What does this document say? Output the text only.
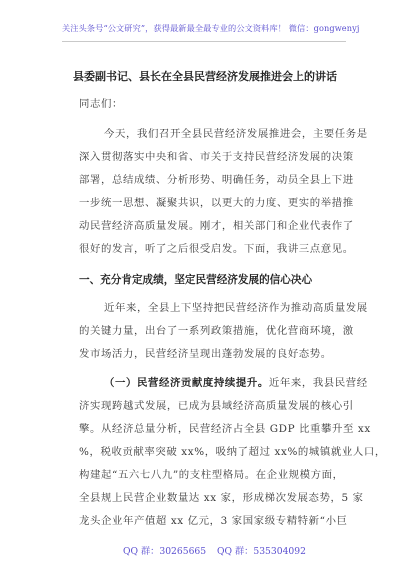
关注头条号“公文研究”，获得最新最全最专业的公文资料库！ 微信：gongwenyj
县委副书记、县长在全县民营经济发展推进会上的讲话
同志们：
今天，我们召开全县民营经济发展推进会，主要任务是
深入贯彻落实中央和省、市关于支持民营经济发展的决策
部署，总结成绩、分析形势、明确任务，动员全县上下进
一步统一思想、凝聚共识，以更大的力度、更实的举措推
动民营经济高质量发展。刚才，相关部门和企业代表作了
很好的发言，听了之后很受启发。下面，我讲三点意见。
一、充分肯定成绩，坚定民营经济发展的信心决心
近年来，全县上下坚持把民营经济作为推动高质量发展
的关键力量，出台了一系列政策措施，优化营商环境，激
发市场活力，民营经济呈现出蓬勃发展的良好态势。
（一）民营经济贡献度持续提升。近年来，我县民营经
济实现跨越式发展，已成为县域经济高质量发展的核心引
擎。从经济总量分析，民营经济占全县 GDP 比重攀升至 xx
%，税收贡献率突破 xx%，吸纳了超过 xx%的城镇就业人口，
构建起“五六七八九”的支柱型格局。在企业规模方面，
全县规上民营企业数量达 xx 家，形成梯次发展态势，5 家
龙头企业年产值超 xx 亿元，3 家国家级专精特新“小巨
QQ 群：30265665 QQ 群：535304092
